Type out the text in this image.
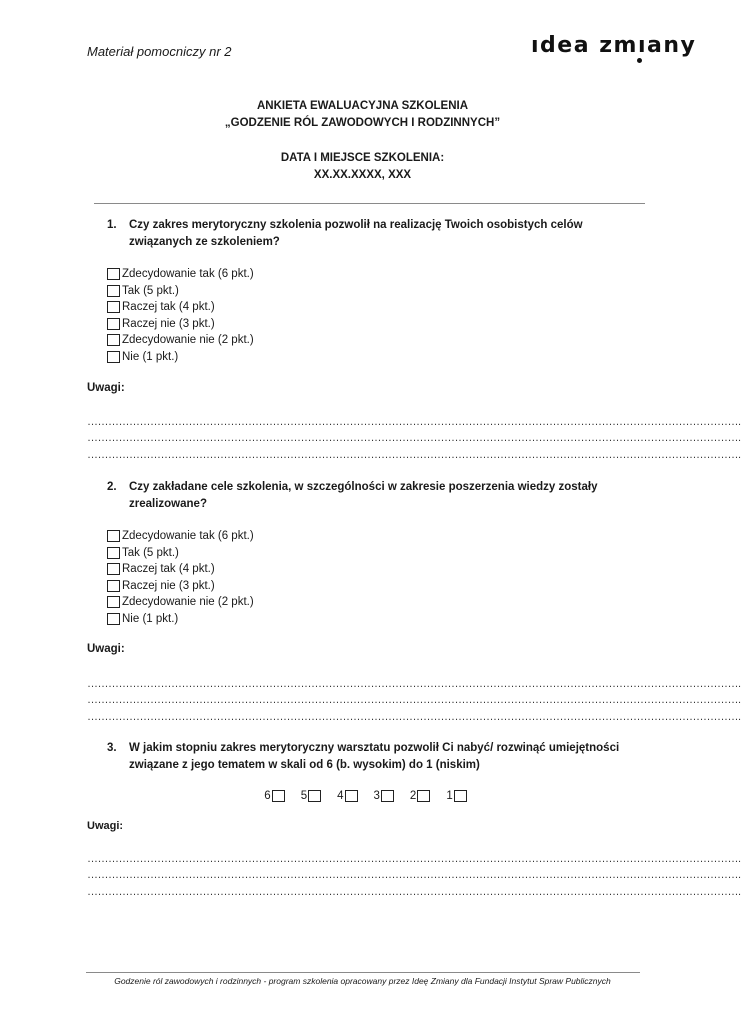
Materiał pomocniczy nr 2	ıdea zmıany
ANKIETA EWALUACYJNA SZKOLENIA
„GODZENIE RÓL ZAWODOWYCH I RODZINNYCH”
DATA I MIEJSCE SZKOLENIA:
XX.XX.XXXX, XXX
1.	Czy zakres merytoryczny szkolenia pozwolił na realizację Twoich osobistych celów
związanych ze szkoleniem?
Zdecydowanie tak (6 pkt.)
Tak (5 pkt.)
Raczej tak (4 pkt.)
Raczej nie (3 pkt.)
Zdecydowanie nie (2 pkt.)
Nie (1 pkt.)
Uwagi:
…………………………………………………………………………………………………………………………………………………………………….
…………………………………………………………………………………………………………………………………………………………………….
…………………………………………………………………………………………………………………………………………………………………….
2.	Czy zakładane cele szkolenia, w szczególności w zakresie poszerzenia wiedzy zostały
zrealizowane?
Zdecydowanie tak (6 pkt.)
Tak (5 pkt.)
Raczej tak (4 pkt.)
Raczej nie (3 pkt.)
Zdecydowanie nie (2 pkt.)
Nie (1 pkt.)
Uwagi:
…………………………………………………………………………………………………………………………………………………………………….
…………………………………………………………………………………………………………………………………………………………………….
…………………………………………………………………………………………………………………………………………………………………….
3.	W jakim stopniu zakres merytoryczny warsztatu pozwolił Ci nabyć/ rozwinąć umiejętności
związane z jego tematem w skali od 6 (b. wysokim) do 1 (niskim)
6	5	4	3	2	1
Uwagi:
…………………………………………………………………………………………………………………………………………………………………….
…………………………………………………………………………………………………………………………………………………………………….
…………………………………………………………………………………………………………………………………………………………………….
Godzenie ról zawodowych i rodzinnych - program szkolenia opracowany przez Ideę Zmiany dla Fundacji Instytut Spraw Publicznych
